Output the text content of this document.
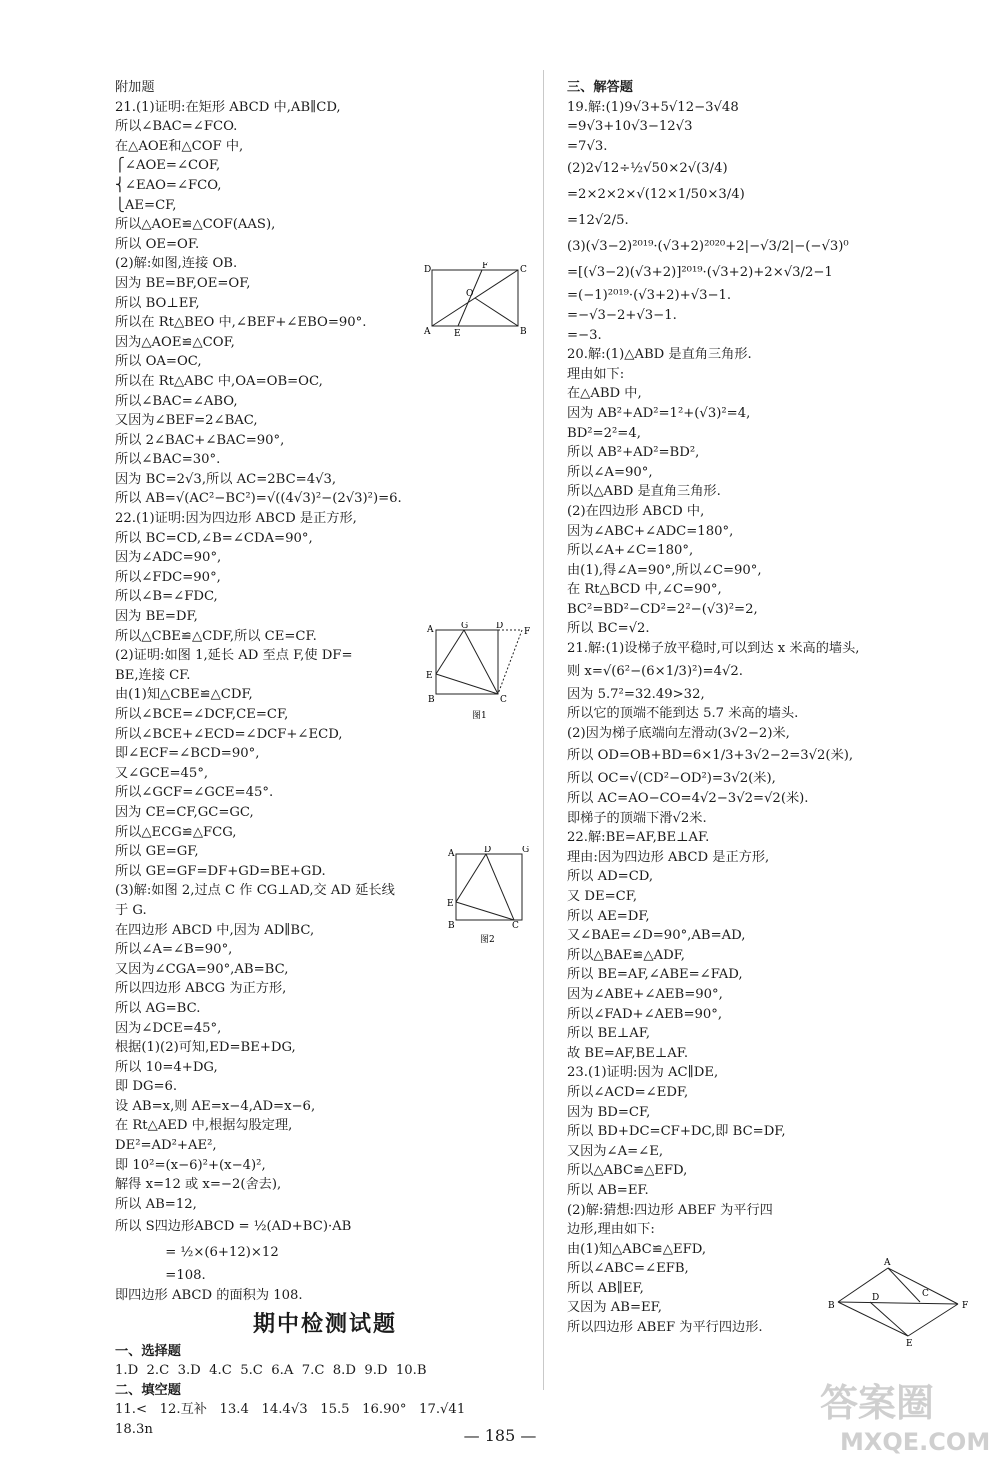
附加题
21.(1)证明:在矩形 ABCD 中,AB∥CD,
所以∠BAC=∠FCO.
在△AOE和△COF 中,
⎧∠AOE=∠COF,
⎨∠EAO=∠FCO,
⎩AE=CF,
所以△AOE≌△COF(AAS),
所以 OE=OF.
(2)解:如图,连接 OB.
因为 BE=BF,OE=OF,
所以 BO⊥EF,
所以在 Rt△BEO 中,∠BEF+∠EBO=90°.
因为△AOE≌△COF,
所以 OA=OC,
所以在 Rt△ABC 中,OA=OB=OC,
所以∠BAC=∠ABO,
又因为∠BEF=2∠BAC,
所以 2∠BAC+∠BAC=90°,
所以∠BAC=30°.
因为 BC=2√3,所以 AC=2BC=4√3,
所以 AB=√(AC²−BC²)=√((4√3)²−(2√3)²)=6.
22.(1)证明:因为四边形 ABCD 是正方形,
所以 BC=CD,∠B=∠CDA=90°,
因为∠ADC=90°,
所以∠FDC=90°,
所以∠B=∠FDC,
因为 BE=DF,
所以△CBE≌△CDF,所以 CE=CF.
(2)证明:如图 1,延长 AD 至点 F,使 DF=
BE,连接 CF.
由(1)知△CBE≌△CDF,
所以∠BCE=∠DCF,CE=CF,
所以∠BCE+∠ECD=∠DCF+∠ECD,
即∠ECF=∠BCD=90°,
又∠GCE=45°,
所以∠GCF=∠GCE=45°.
因为 CE=CF,GC=GC,
所以△ECG≌△FCG,
所以 GE=GF,
所以 GE=GF=DF+GD=BE+GD.
(3)解:如图 2,过点 C 作 CG⊥AD,交 AD 延长线
于 G.
在四边形 ABCD 中,因为 AD∥BC,
所以∠A=∠B=90°,
又因为∠CGA=90°,AB=BC,
所以四边形 ABCG 为正方形,
所以 AG=BC.
因为∠DCE=45°,
根据(1)(2)可知,ED=BE+DG,
所以 10=4+DG,
即 DG=6.
设 AB=x,则 AE=x−4,AD=x−6,
在 Rt△AED 中,根据勾股定理,
DE²=AD²+AE²,
即 10²=(x−6)²+(x−4)²,
解得 x=12 或 x=−2(舍去),
所以 AB=12,
所以 S四边形ABCD = ½(AD+BC)·AB
= ½×(6+12)×12
=108.
即四边形 ABCD 的面积为 108.
期中检测试题
一、选择题
1.D  2.C  3.D  4.C  5.C  6.A  7.C  8.D  9.D  10.B
二、填空题
11.<   12.互补   13.4   14.4√3   15.5   16.90°   17.√41
18.3n
三、解答题
19.解:(1)9√3+5√12−3√48
=9√3+10√3−12√3
=7√3.
(2)2√12÷½√50×2√(3/4)
=2×2×2×√(12×1/50×3/4)
=12√2/5.
(3)(√3−2)²⁰¹⁹·(√3+2)²⁰²⁰+2|−√3/2|−(−√3)⁰
=[(√3−2)(√3+2)]²⁰¹⁹·(√3+2)+2×√3/2−1
=(−1)²⁰¹⁹·(√3+2)+√3−1.
=−√3−2+√3−1.
=−3.
20.解:(1)△ABD 是直角三角形.
理由如下:
在△ABD 中,
因为 AB²+AD²=1²+(√3)²=4,
BD²=2²=4,
所以 AB²+AD²=BD²,
所以∠A=90°,
所以△ABD 是直角三角形.
(2)在四边形 ABCD 中,
因为∠ABC+∠ADC=180°,
所以∠A+∠C=180°,
由(1),得∠A=90°,所以∠C=90°,
在 Rt△BCD 中,∠C=90°,
BC²=BD²−CD²=2²−(√3)²=2,
所以 BC=√2.
21.解:(1)设梯子放平稳时,可以到达 x 米高的墙头,
则 x=√(6²−(6×1/3)²)=4√2.
因为 5.7²=32.49>32,
所以它的顶端不能到达 5.7 米高的墙头.
(2)因为梯子底端向左滑动(3√2−2)米,
所以 OD=OB+BD=6×1/3+3√2−2=3√2(米),
所以 OC=√(CD²−OD²)=3√2(米),
所以 AC=AO−CO=4√2−3√2=√2(米).
即梯子的顶端下滑√2米.
22.解:BE=AF,BE⊥AF.
理由:因为四边形 ABCD 是正方形,
所以 AD=CD,
又 DE=CF,
所以 AE=DF,
又∠BAE=∠D=90°,AB=AD,
所以△BAE≌△ADF,
所以 BE=AF,∠ABE=∠FAD,
因为∠ABE+∠AEB=90°,
所以∠FAD+∠AEB=90°,
所以 BE⊥AF,
故 BE=AF,BE⊥AF.
23.(1)证明:因为 AC∥DE,
所以∠ACD=∠EDF,
因为 BD=CF,
所以 BD+DC=CF+DC,即 BC=DF,
又因为∠A=∠E,
所以△ABC≌△EFD,
所以 AB=EF.
(2)解:猜想:四边形 ABEF 为平行四
边形,理由如下:
由(1)知△ABC≌△EFD,
所以∠ABC=∠EFB,
所以 AB∥EF,
又因为 AB=EF,
所以四边形 ABEF 为平行四边形.
D	F	C
O
A	E	B
A	G	D
F
E
B	C
图1
A	D	G
E
B	C
图2
A
B
D	C
F
E
— 185 —
答案圈
MXQE.COM
